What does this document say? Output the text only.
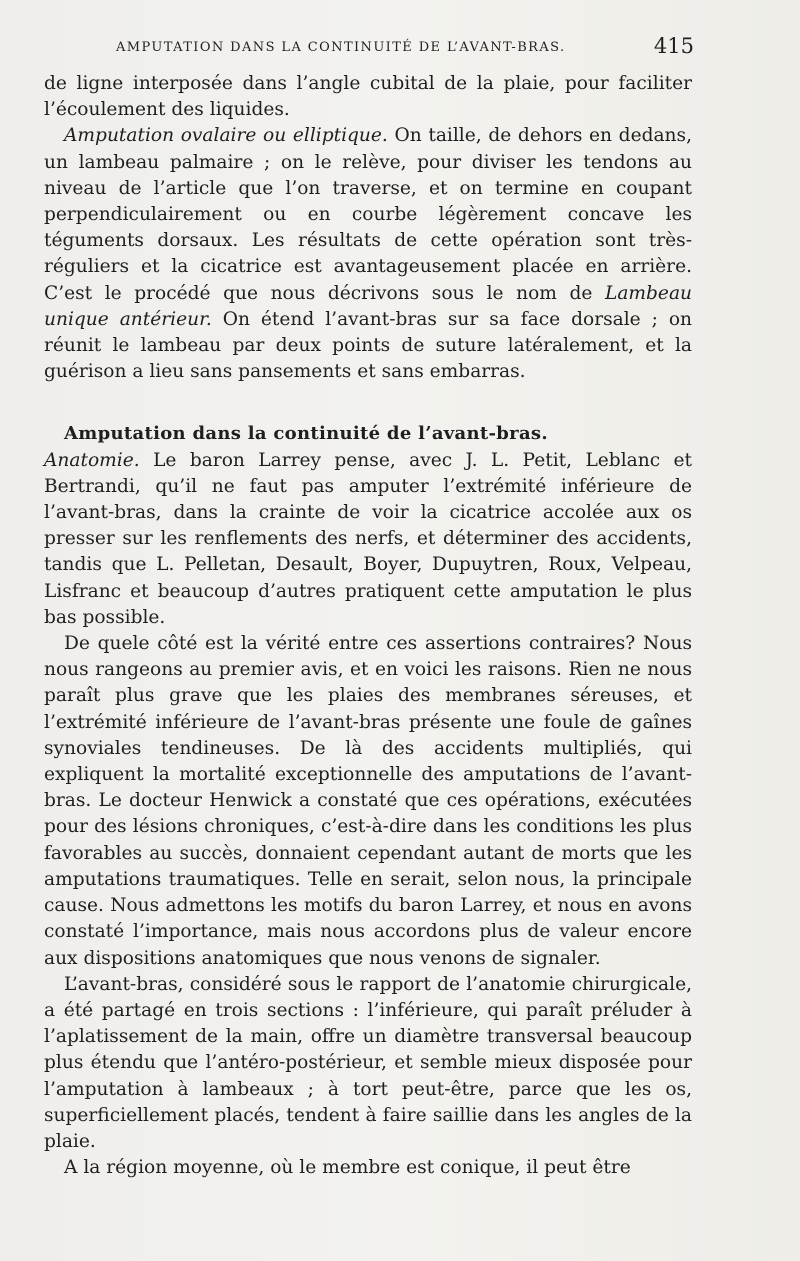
AMPUTATION DANS LA CONTINUITÉ DE L’AVANT-BRAS.	415

de ligne interposée dans l’angle cubital de la plaie, pour faciliter l’écoulement des liquides.

Amputation ovalaire ou elliptique. On taille, de dehors en dedans, un lambeau palmaire ; on le relève, pour diviser les tendons au niveau de l’article que l’on traverse, et on termine en coupant perpendiculairement ou en courbe légèrement concave les téguments dorsaux. Les résultats de cette opération sont très-réguliers et la cicatrice est avantageusement placée en arrière. C’est le procédé que nous décrivons sous le nom de Lambeau unique antérieur. On étend l’avant-bras sur sa face dorsale ; on réunit le lambeau par deux points de suture latéralement, et la guérison a lieu sans pansements et sans embarras.

Amputation dans la continuité de l’avant-bras.

Anatomie. Le baron Larrey pense, avec J. L. Petit, Leblanc et Bertrandi, qu’il ne faut pas amputer l’extrémité inférieure de l’avant-bras, dans la crainte de voir la cicatrice accolée aux os presser sur les renflements des nerfs, et déterminer des accidents, tandis que L. Pelletan, Desault, Boyer, Dupuytren, Roux, Velpeau, Lisfranc et beaucoup d’autres pratiquent cette amputation le plus bas possible.

De quele côté est la vérité entre ces assertions contraires? Nous nous rangeons au premier avis, et en voici les raisons. Rien ne nous paraît plus grave que les plaies des membranes séreuses, et l’extrémité inférieure de l’avant-bras présente une foule de gaînes synoviales tendineuses. De là des accidents multipliés, qui expliquent la mortalité exceptionnelle des amputations de l’avant-bras. Le docteur Henwick a constaté que ces opérations, exécutées pour des lésions chroniques, c’est-à-dire dans les conditions les plus favorables au succès, donnaient cependant autant de morts que les amputations traumatiques. Telle en serait, selon nous, la principale cause. Nous admettons les motifs du baron Larrey, et nous en avons constaté l’importance, mais nous accordons plus de valeur encore aux dispositions anatomiques que nous venons de signaler.

L’avant-bras, considéré sous le rapport de l’anatomie chirurgicale, a été partagé en trois sections : l’inférieure, qui paraît préluder à l’aplatissement de la main, offre un diamètre transversal beaucoup plus étendu que l’antéro-postérieur, et semble mieux disposée pour l’amputation à lambeaux ; à tort peut-être, parce que les os, superficiellement placés, tendent à faire saillie dans les angles de la plaie.

A la région moyenne, où le membre est conique, il peut être
